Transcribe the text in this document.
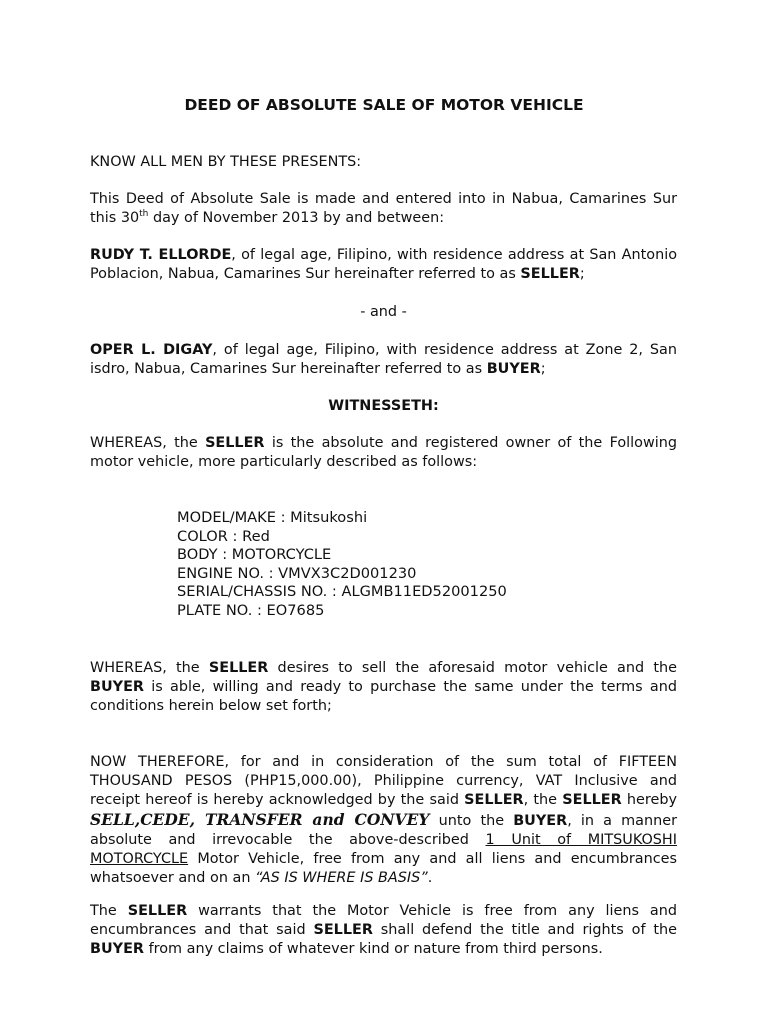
DEED OF ABSOLUTE SALE OF MOTOR VEHICLE

KNOW ALL MEN BY THESE PRESENTS:

This Deed of Absolute Sale is made and entered into in Nabua, Camarines Sur this 30th day of November 2013 by and between:

RUDY T. ELLORDE, of legal age, Filipino, with residence address at San Antonio Poblacion, Nabua, Camarines Sur hereinafter referred to as SELLER;

- and -

OPER L. DIGAY, of legal age, Filipino, with residence address at Zone 2, San isdro, Nabua, Camarines Sur hereinafter referred to as BUYER;

WITNESSETH:

WHEREAS, the SELLER is the absolute and registered owner of the Following motor vehicle, more particularly described as follows:

MODEL/MAKE : Mitsukoshi
COLOR : Red
BODY : MOTORCYCLE
ENGINE NO. : VMVX3C2D001230
SERIAL/CHASSIS NO. : ALGMB11ED52001250
PLATE NO. : EO7685

WHEREAS, the SELLER desires to sell the aforesaid motor vehicle and the BUYER is able, willing and ready to purchase the same under the terms and conditions herein below set forth;

NOW THEREFORE, for and in consideration of the sum total of FIFTEEN THOUSAND PESOS (PHP15,000.00), Philippine currency, VAT Inclusive and receipt hereof is hereby acknowledged by the said SELLER, the SELLER hereby SELL,CEDE, TRANSFER and CONVEY unto the BUYER, in a manner absolute and irrevocable the above-described 1 Unit of MITSUKOSHI MOTORCYCLE Motor Vehicle, free from any and all liens and encumbrances whatsoever and on an “AS IS WHERE IS BASIS”.

The SELLER warrants that the Motor Vehicle is free from any liens and encumbrances and that said SELLER shall defend the title and rights of the BUYER from any claims of whatever kind or nature from third persons.
